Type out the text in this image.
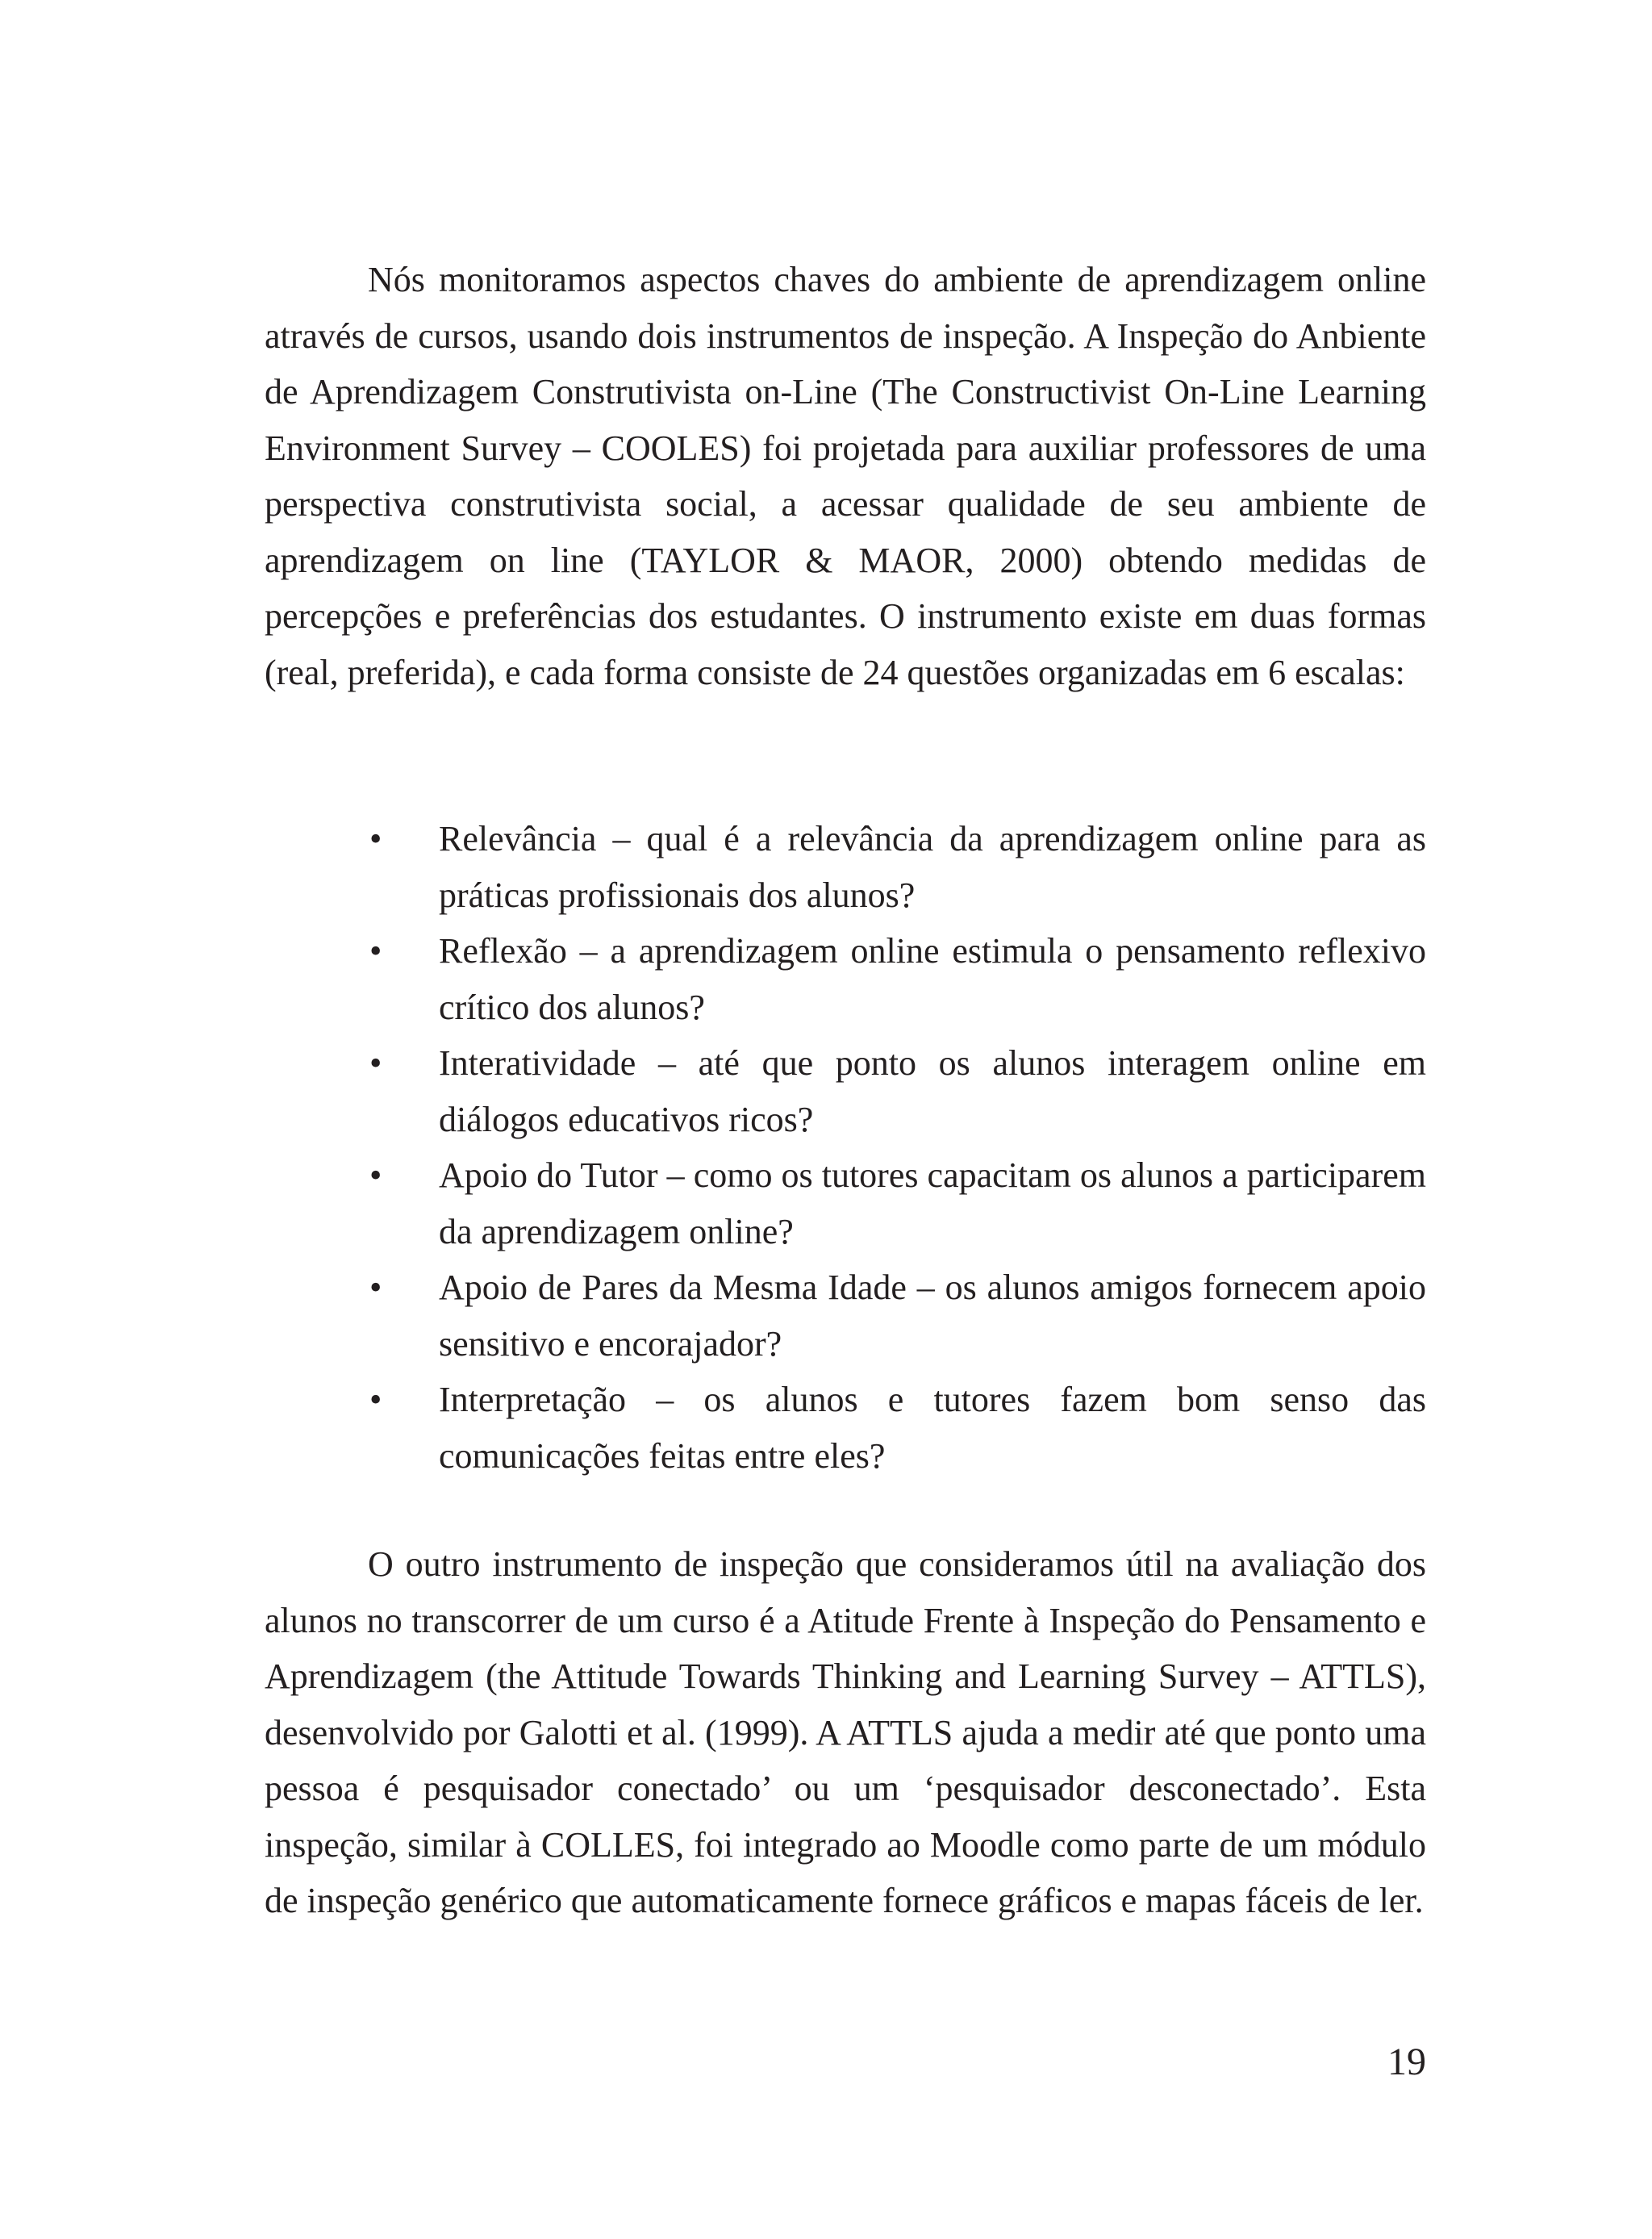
Nós monitoramos aspectos chaves do ambiente de aprendizagem online através de cursos, usando dois instrumentos de inspeção. A Inspeção do Anbiente de Aprendizagem Construtivista on-Line (The Constructivist On-Line Learning Environment Survey – COOLES) foi projetada para auxiliar professores de uma perspectiva construtivista social, a acessar qualidade de seu ambiente de aprendizagem on line (TAYLOR & MAOR, 2000) obtendo medidas de percepções e preferências dos estudantes. O instrumento existe em duas formas (real, preferida), e cada forma consiste de 24 questões organizadas em 6 escalas:

• Relevância – qual é a relevância da aprendizagem online para as práticas profissionais dos alunos?
• Reflexão – a aprendizagem online estimula o pensamento reflexivo crítico dos alunos?
• Interatividade – até que ponto os alunos interagem online em diálogos educativos ricos?
• Apoio do Tutor – como os tutores capacitam os alunos a participarem da aprendizagem online?
• Apoio de Pares da Mesma Idade – os alunos amigos fornecem apoio sensitivo e encorajador?
• Interpretação – os alunos e tutores fazem bom senso das comunicações feitas entre eles?

O outro instrumento de inspeção que consideramos útil na avaliação dos alunos no transcorrer de um curso é a Atitude Frente à Inspeção do Pensamento e Aprendizagem (the Attitude Towards Thinking and Learning Survey – ATTLS), desenvolvido por Galotti et al. (1999). A ATTLS ajuda a medir até que ponto uma pessoa é pesquisador conectado’ ou um ‘pesquisador desconectado’. Esta inspeção, similar à COLLES, foi integrado ao Moodle como parte de um módulo de inspeção genérico que automaticamente fornece gráficos e mapas fáceis de ler.

19
